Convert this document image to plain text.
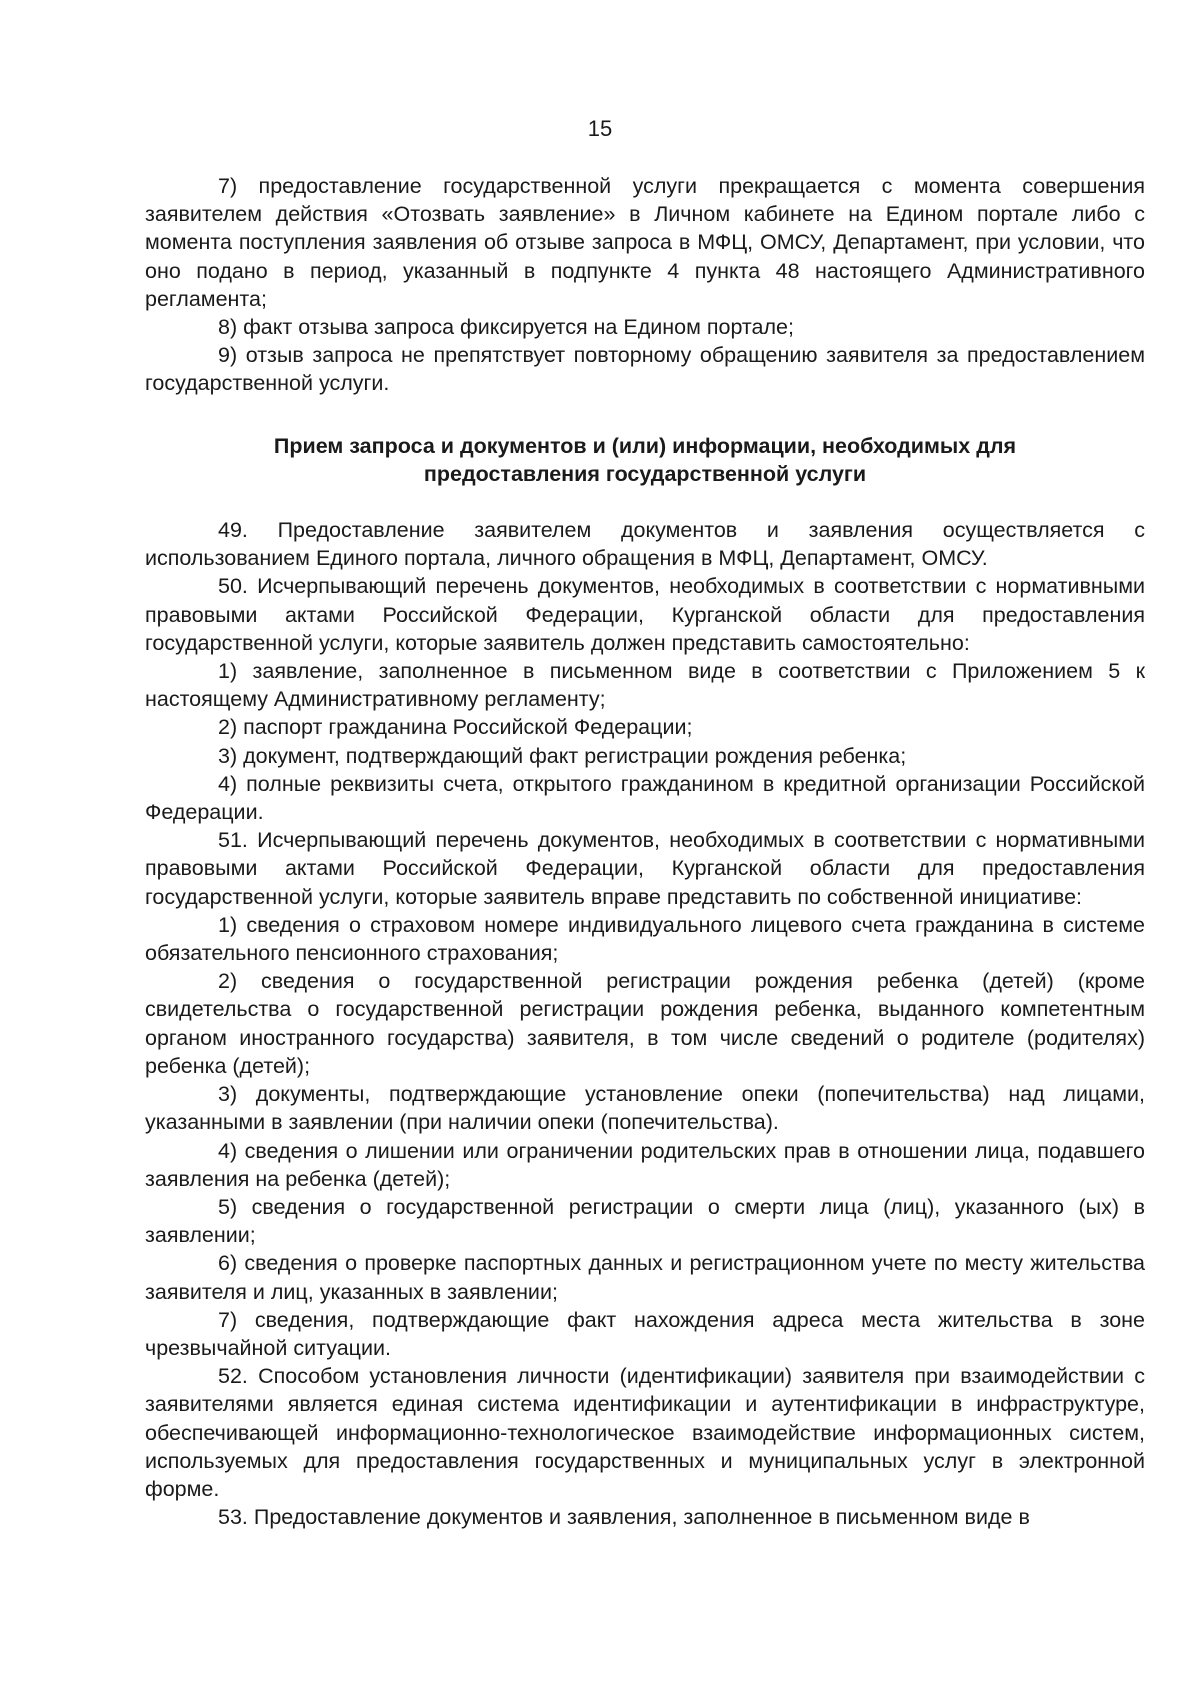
15

7) предоставление государственной услуги прекращается с момента совершения заявителем действия «Отозвать заявление» в Личном кабинете на Едином портале либо с момента поступления заявления об отзыве запроса в МФЦ, ОМСУ, Департамент, при условии, что оно подано в период, указанный в подпункте 4 пункта 48 настоящего Административного регламента;

8) факт отзыва запроса фиксируется на Едином портале;

9) отзыв запроса не препятствует повторному обращению заявителя за предоставлением государственной услуги.

Прием запроса и документов и (или) информации, необходимых для

предоставления государственной услуги

49. Предоставление заявителем документов и заявления осуществляется с использованием Единого портала, личного обращения в МФЦ, Департамент, ОМСУ.

50. Исчерпывающий перечень документов, необходимых в соответствии с нормативными правовыми актами Российской Федерации, Курганской области для предоставления государственной услуги, которые заявитель должен представить самостоятельно:

1) заявление, заполненное в письменном виде в соответствии с Приложением 5 к настоящему Административному регламенту;

2) паспорт гражданина Российской Федерации;

3) документ, подтверждающий факт регистрации рождения ребенка;

4) полные реквизиты счета, открытого гражданином в кредитной организации Российской Федерации.

51. Исчерпывающий перечень документов, необходимых в соответствии с нормативными правовыми актами Российской Федерации, Курганской области для предоставления государственной услуги, которые заявитель вправе представить по собственной инициативе:

1) сведения о страховом номере индивидуального лицевого счета гражданина в системе обязательного пенсионного страхования;

2) сведения о государственной регистрации рождения ребенка (детей) (кроме свидетельства о государственной регистрации рождения ребенка, выданного компетентным органом иностранного государства) заявителя, в том числе сведений о родителе (родителях) ребенка (детей);

3) документы, подтверждающие установление опеки (попечительства) над лицами, указанными в заявлении (при наличии опеки (попечительства).

4) сведения о лишении или ограничении родительских прав в отношении лица, подавшего заявления на ребенка (детей);

5) сведения о государственной регистрации о смерти лица (лиц), указанного (ых) в заявлении;

6) сведения о проверке паспортных данных и регистрационном учете по месту жительства заявителя и лиц, указанных в заявлении;

7) сведения, подтверждающие факт нахождения адреса места жительства в зоне чрезвычайной ситуации.

52. Способом установления личности (идентификации) заявителя при взаимодействии с заявителями является единая система идентификации и аутентификации в инфраструктуре, обеспечивающей информационно-технологическое взаимодействие информационных систем, используемых для предоставления государственных и муниципальных услуг в электронной форме.

53. Предоставление документов и заявления, заполненное в письменном виде в
